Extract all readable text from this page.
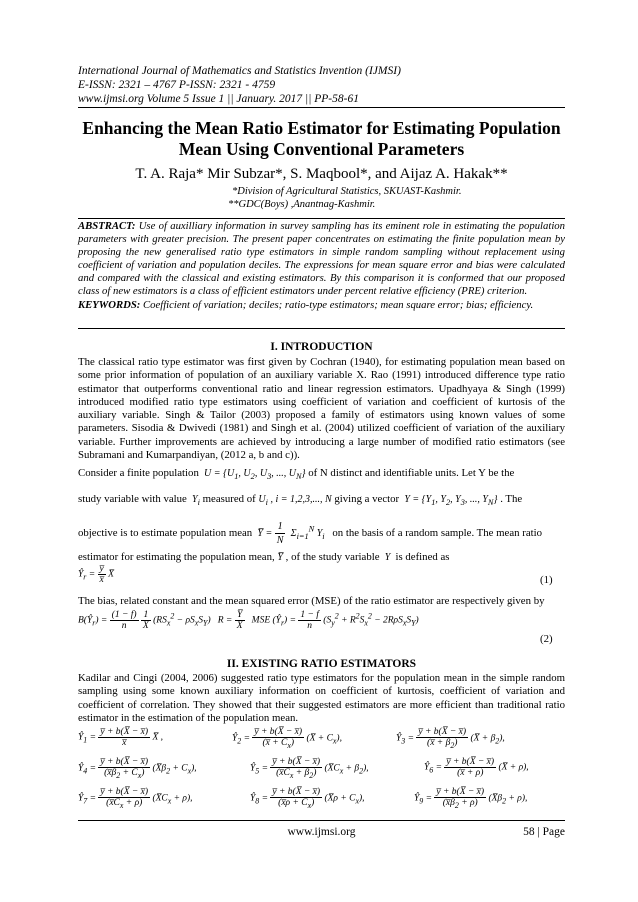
International Journal of Mathematics and Statistics Invention (IJMSI)
E-ISSN: 2321 – 4767 P-ISSN: 2321 - 4759
www.ijmsi.org Volume 5 Issue 1 || January. 2017 || PP-58-61
Enhancing the Mean Ratio Estimator for Estimating Population
Mean Using Conventional Parameters
T. A. Raja* Mir Subzar*, S. Maqbool*, and Aijaz A. Hakak**
*Division of Agricultural Statistics, SKUAST-Kashmir.
**GDC(Boys) ,Anantnag-Kashmir.
ABSTRACT: Use of auxilliary information in survey sampling has its eminent role in estimating the population parameters with greater precision. The present paper concentrates on estimating the finite population mean by proposing the new generalised ratio type estimators in simple random sampling without replacement using coefficient of variation and population deciles. The expressions for mean square error and bias were calculated and compared with the classical and existing estimators. By this comparison it is conformed that our proposed class of new estimators is a class of efficient estimators under percent relative efficiency (PRE) criterion.
KEYWORDS: Coefficient of variation; deciles; ratio-type estimators; mean square error; bias; efficiency.
I. INTRODUCTION
The classical ratio type estimator was first given by Cochran (1940), for estimating population mean based on some prior information of population of an auxiliary variable X. Rao (1991) introduced difference type ratio estimator that outperforms conventional ratio and linear regression estimators. Upadhyaya & Singh (1999) introduced modified ratio type estimators using coefficient of variation and coefficient of kurtosis of the auxiliary variable. Singh & Tailor (2003) proposed a family of estimators using known values of some parameters. Sisodia & Dwivedi (1981) and Singh et al. (2004) utilized coefficient of variation of the auxiliary variable. Further improvements are achieved by introducing a large number of modified ratio estimators (see Subramani and Kumarpandiyan, (2012 a, b and c)).
Consider a finite population  $U = \{U_1$, $U_2$, $U_3$, ..., $U_N$} of N distinct and identifiable units. Let Y be the
study variable with value  $Y_i$ measured of $U_i$ , i = 1,2,3,..., N giving a vector  $Y = \{Y_1$, $Y_2$, $Y_3$, ..., $Y_N$} . The
objective is to estimate population mean  Y̅ = $\frac{1}{N} \Sigma_{i=1}^N$ $Y_i$ on the basis of a random sample. The mean ratio
estimator for estimating the population mean, Y̅ , of the study variable  Y  is defined as
$Ŷ_r = \frac{y̅}{x̅}$ X̅	(1)
The bias, related constant and the mean squared error (MSE) of the ratio estimator are respectively given by
$B(Ŷ_r) = \frac{(1 - f)}{n}$
$\frac{1}{X̅} (RS_x^2 - \rho S_xS_Y) R = \frac{Y̅}{X̅}$ MSE $(Ŷ_r) = \frac{1 - f}{n} (S_y^2 + R^2S_x^2 - 2R\rho S_xS_Y)$
(2)
II. EXISTING RATIO ESTIMATORS
Kadilar and Cingi (2004, 2006) suggested ratio type estimators for the population mean in the simple random sampling using some known auxiliary information on coefficient of kurtosis, coefficient of variation and coefficient of correlation. They showed that their suggested estimators are more efficient than traditional ratio estimator in the estimation of the population mean.
$Ŷ_1 = \frac{y̅ + b(X̅ - x̅)}{x̅}$ X̅ ,	$Ŷ_2 = \frac{y̅ + b(X̅ - x̅)}{(x̅ + C_x)}$ (X̅ + $C_x$),	$Ŷ_3 = \frac{y̅ + b(X̅ - x̅)}{(x̅ + \beta_2)}$ (X̅ + $\beta_2$),
$Ŷ_4 = \frac{y̅ + b(X̅ - x̅)}{(x̅\beta_2 + C_x)}$ $(X̅\beta_2 + C_x)$,	$Ŷ_5 = \frac{y̅ + b(X̅ - x̅)}{(x̅C_x + \beta_2)}$ $(X̅C_x + \beta_2)$,	$Ŷ_6 = \frac{y̅ + b(X̅ - x̅)}{(x̅ + \rho)}$ (X̅ + ρ),
$Ŷ_7 = \frac{y̅ + b(X̅ - x̅)}{(x̅C_x + \rho)}$ $(X̅C_x + \rho)$,	$Ŷ_8 = \frac{y̅ + b(X̅ - x̅)}{(x̅\rho + C_x)}$ (X̅ρ + $C_x$),	$Ŷ_9 = \frac{y̅ + b(X̅ - x̅)}{(x̅\beta_2 + \rho)}$ $(X̅\beta_2 + \rho)$,
www.ijmsi.org	58 | Page
